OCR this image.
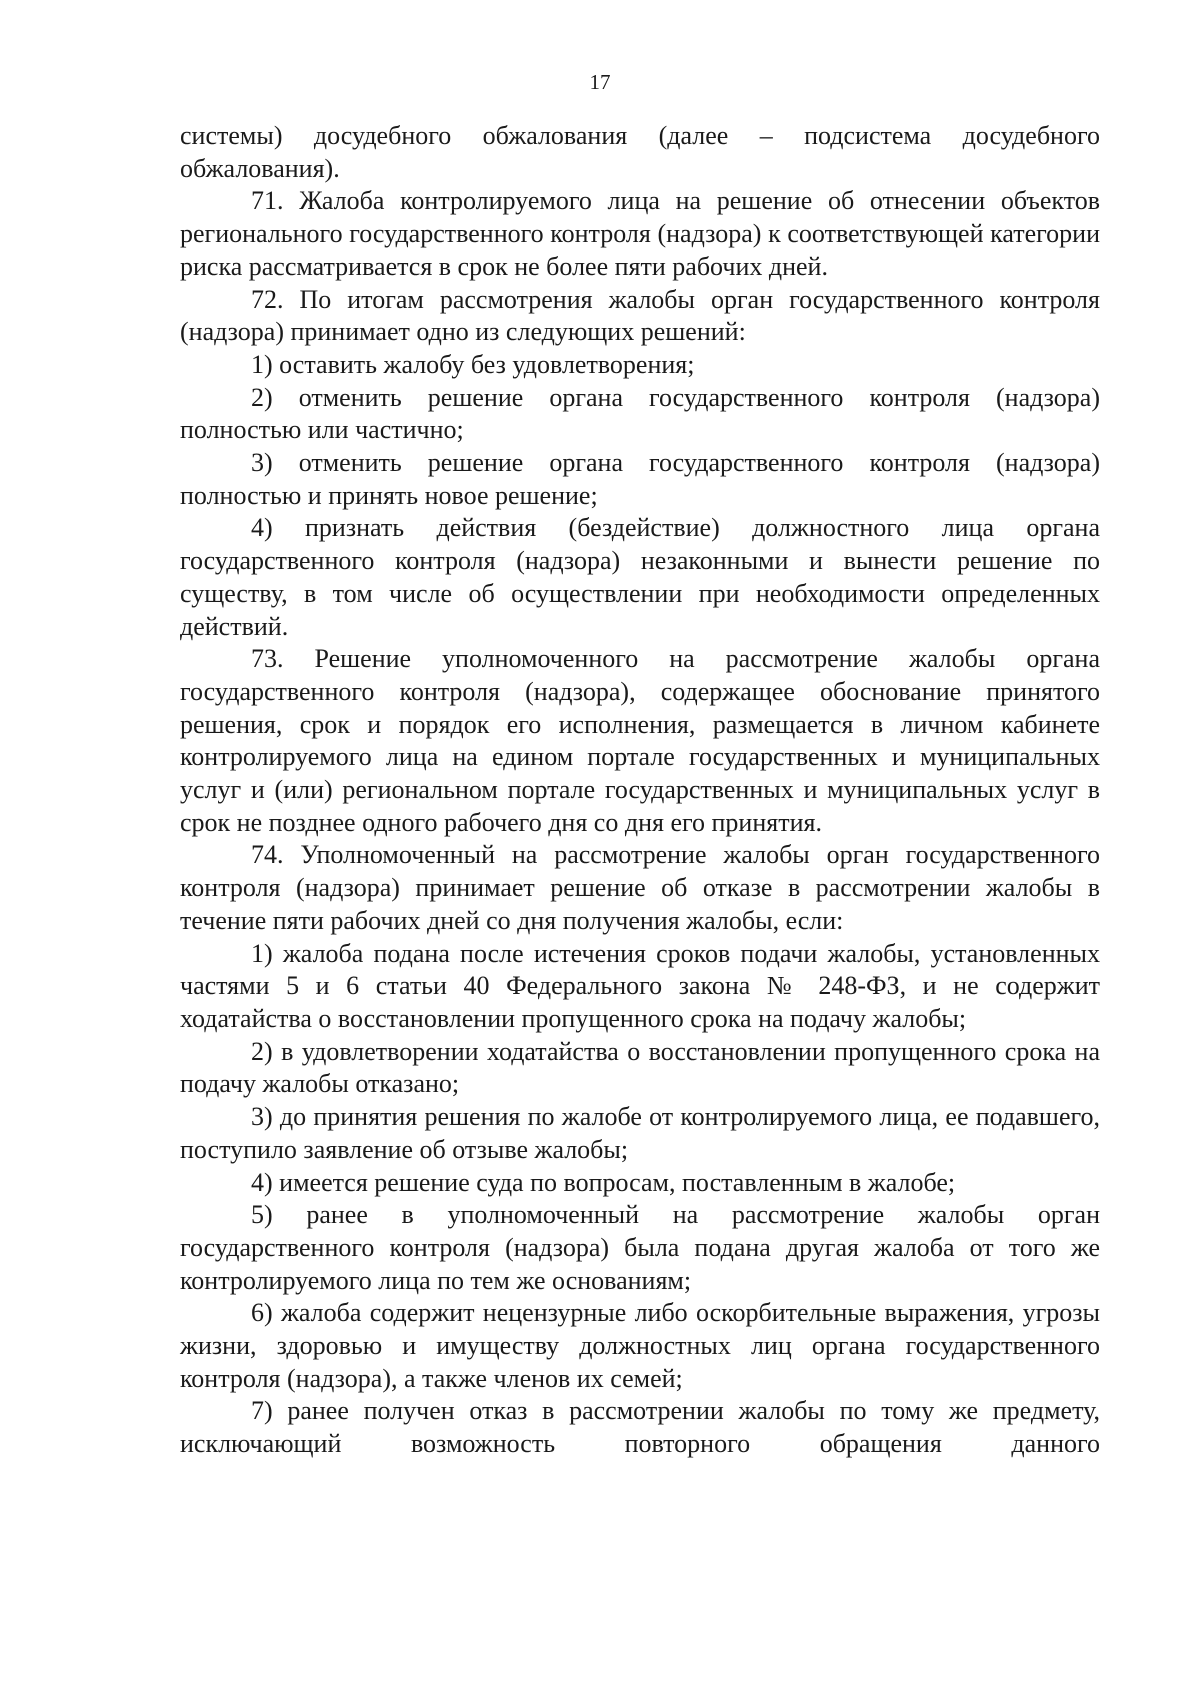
17

системы) досудебного обжалования (далее – подсистема досудебного обжалования).

71. Жалоба контролируемого лица на решение об отнесении объектов регионального государственного контроля (надзора) к соответствующей категории риска рассматривается в срок не более пяти рабочих дней.

72. По итогам рассмотрения жалобы орган государственного контроля (надзора) принимает одно из следующих решений:

1) оставить жалобу без удовлетворения;

2) отменить решение органа государственного контроля (надзора) полностью или частично;

3) отменить решение органа государственного контроля (надзора) полностью и принять новое решение;

4) признать действия (бездействие) должностного лица органа государственного контроля (надзора) незаконными и вынести решение по существу, в том числе об осуществлении при необходимости определенных действий.

73. Решение уполномоченного на рассмотрение жалобы органа государственного контроля (надзора), содержащее обоснование принятого решения, срок и порядок его исполнения, размещается в личном кабинете контролируемого лица на едином портале государственных и муниципальных услуг и (или) региональном портале государственных и муниципальных услуг в срок не позднее одного рабочего дня со дня его принятия.

74. Уполномоченный на рассмотрение жалобы орган государственного контроля (надзора) принимает решение об отказе в рассмотрении жалобы в течение пяти рабочих дней со дня получения жалобы, если:

1) жалоба подана после истечения сроков подачи жалобы, установленных частями 5 и 6 статьи 40 Федерального закона № 248-ФЗ, и не содержит ходатайства о восстановлении пропущенного срока на подачу жалобы;

2) в удовлетворении ходатайства о восстановлении пропущенного срока на подачу жалобы отказано;

3) до принятия решения по жалобе от контролируемого лица, ее подавшего, поступило заявление об отзыве жалобы;

4) имеется решение суда по вопросам, поставленным в жалобе;

5) ранее в уполномоченный на рассмотрение жалобы орган государственного контроля (надзора) была подана другая жалоба от того же контролируемого лица по тем же основаниям;

6) жалоба содержит нецензурные либо оскорбительные выражения, угрозы жизни, здоровью и имуществу должностных лиц органа государственного контроля (надзора), а также членов их семей;

7) ранее получен отказ в рассмотрении жалобы по тому же предмету, исключающий возможность повторного обращения данного
